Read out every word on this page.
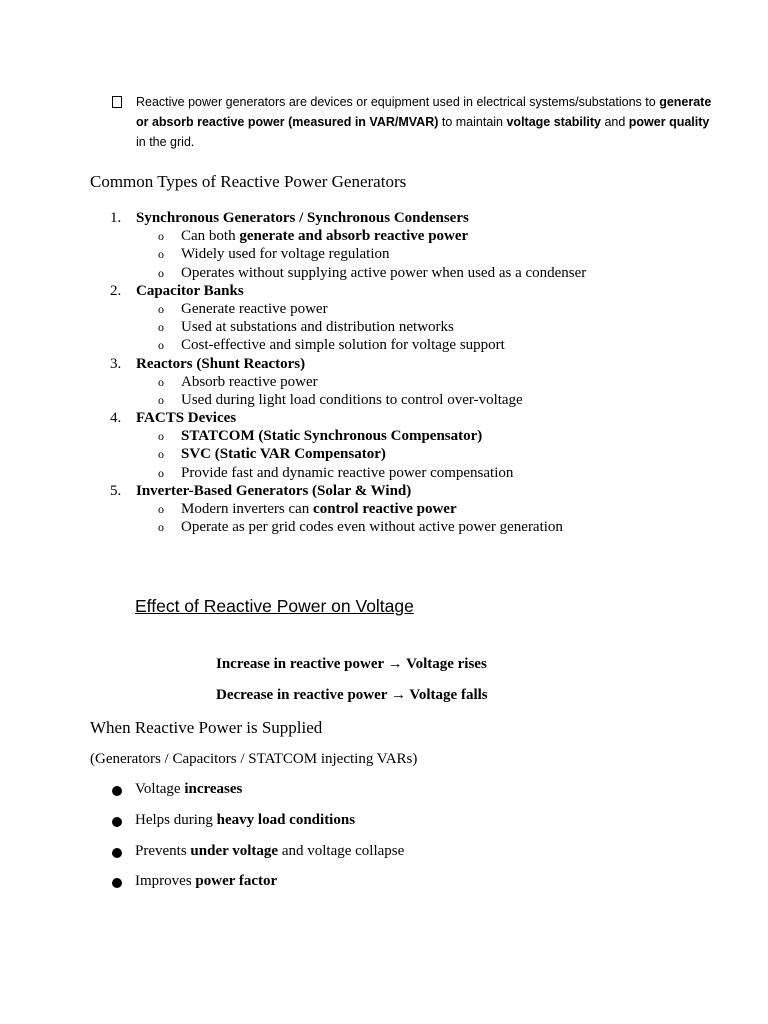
Reactive power generators are devices or equipment used in electrical systems/substations to generate or absorb reactive power (measured in VAR/MVAR) to maintain voltage stability and power quality in the grid.
Common Types of Reactive Power Generators
1. Synchronous Generators / Synchronous Condensers
o Can both generate and absorb reactive power
o Widely used for voltage regulation
o Operates without supplying active power when used as a condenser
2. Capacitor Banks
o Generate reactive power
o Used at substations and distribution networks
o Cost-effective and simple solution for voltage support
3. Reactors (Shunt Reactors)
o Absorb reactive power
o Used during light load conditions to control over-voltage
4. FACTS Devices
o STATCOM (Static Synchronous Compensator)
o SVC (Static VAR Compensator)
o Provide fast and dynamic reactive power compensation
5. Inverter-Based Generators (Solar & Wind)
o Modern inverters can control reactive power
o Operate as per grid codes even without active power generation
Effect of Reactive Power on Voltage
Increase in reactive power → Voltage rises
Decrease in reactive power → Voltage falls
When Reactive Power is Supplied
(Generators / Capacitors / STATCOM injecting VARs)
Voltage increases
Helps during heavy load conditions
Prevents under voltage and voltage collapse
Improves power factor
